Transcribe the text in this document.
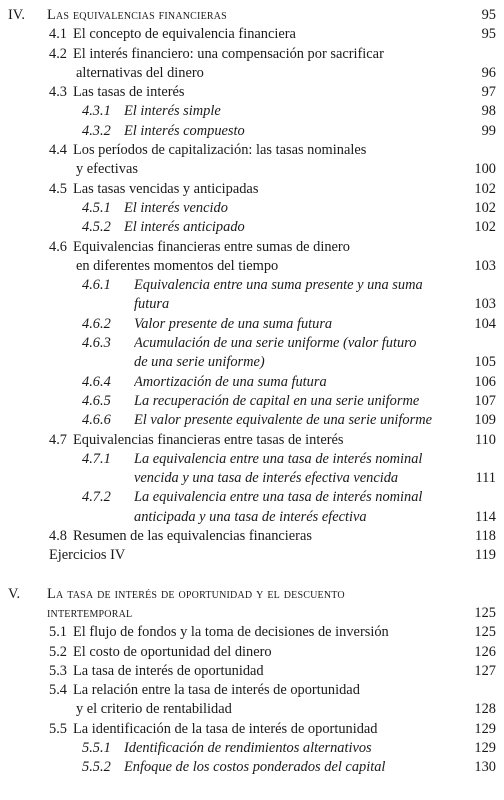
IV.	Las equivalencias financieras	95
4.1 El concepto de equivalencia financiera	95
4.2 El interés financiero: una compensación por sacrificar
alternativas del dinero	96
4.3 Las tasas de interés	97
4.3.1 El interés simple	98
4.3.2 El interés compuesto	99
4.4 Los períodos de capitalización: las tasas nominales
y efectivas	100
4.5 Las tasas vencidas y anticipadas	102
4.5.1 El interés vencido	102
4.5.2 El interés anticipado	102
4.6 Equivalencias financieras entre sumas de dinero
en diferentes momentos del tiempo	103
4.6.1	Equivalencia entre una suma presente y una suma
futura	103
4.6.2	Valor presente de una suma futura	104
4.6.3	Acumulación de una serie uniforme (valor futuro
de una serie uniforme)	105
4.6.4	Amortización de una suma futura	106
4.6.5	La recuperación de capital en una serie uniforme	107
4.6.6	El valor presente equivalente de una serie uniforme	109
4.7 Equivalencias financieras entre tasas de interés	110
4.7.1	La equivalencia entre una tasa de interés nominal
vencida y una tasa de interés efectiva vencida	111
4.7.2	La equivalencia entre una tasa de interés nominal
anticipada y una tasa de interés efectiva	114
4.8 Resumen de las equivalencias financieras	118
Ejercicios IV	119
V.	La tasa de interés de oportunidad y el descuento
intertemporal	125
5.1 El flujo de fondos y la toma de decisiones de inversión	125
5.2 El costo de oportunidad del dinero	126
5.3 La tasa de interés de oportunidad	127
5.4 La relación entre la tasa de interés de oportunidad
y el criterio de rentabilidad	128
5.5 La identificación de la tasa de interés de oportunidad	129
5.5.1 Identificación de rendimientos alternativos	129
5.5.2 Enfoque de los costos ponderados del capital	130
